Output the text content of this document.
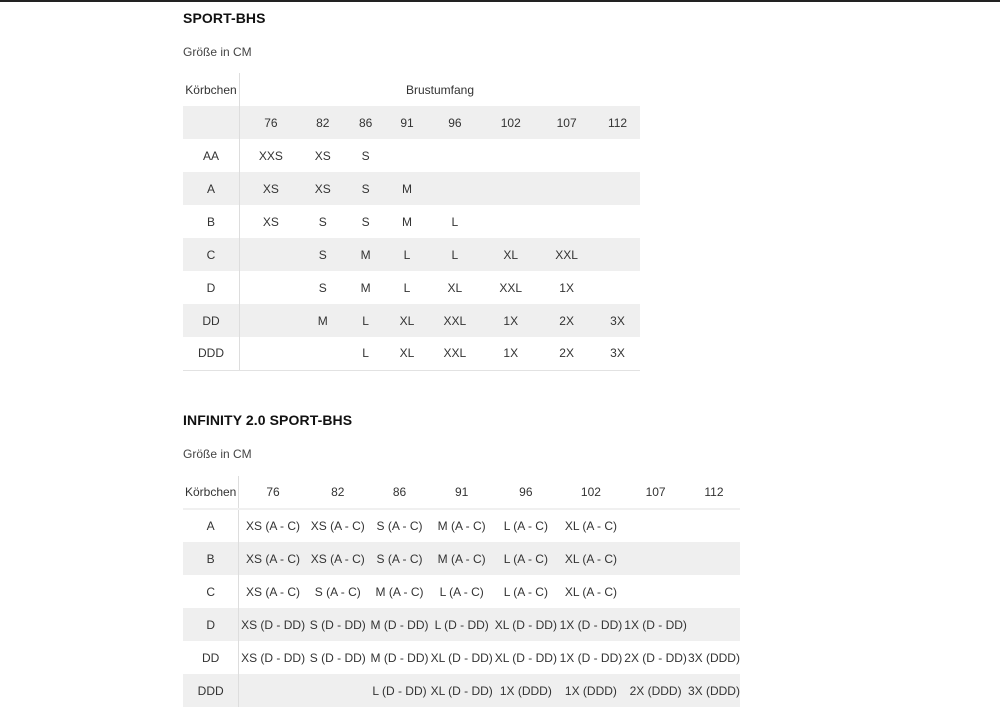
SPORT-BHS

Größe in CM

Körbchen	Brustumfang							
	76	82	86	91	96	102	107	112
AA	XXS	XS	S					
A	XS	XS	S	M				
B	XS	S	S	M	L			
C		S	M	L	L	XL	XXL	
D		S	M	L	XL	XXL	1X	
DD		M	L	XL	XXL	1X	2X	3X
DDD			L	XL	XXL	1X	2X	3X
INFINITY 2.0 SPORT-BHS

Größe in CM

Körbchen	76	82	86	91	96	102	107	112
A	XS (A - C)	XS (A - C)	S (A - C)	M (A - C)	L (A - C)	XL (A - C)		
B	XS (A - C)	XS (A - C)	S (A - C)	M (A - C)	L (A - C)	XL (A - C)		
C	XS (A - C)	S (A - C)	M (A - C)	L (A - C)	L (A - C)	XL (A - C)		
D	XS (D - DD)	S (D - DD)	M (D - DD)	L (D - DD)	XL (D - DD)	1X (D - DD)	1X (D - DD)	
DD	XS (D - DD)	S (D - DD)	M (D - DD)	XL (D - DD)	XL (D - DD)	1X (D - DD)	2X (D - DD)	3X (DDD)
DDD			L (D - DD)	XL (D - DD)	1X (DDD)	1X (DDD)	2X (DDD)	3X (DDD)
